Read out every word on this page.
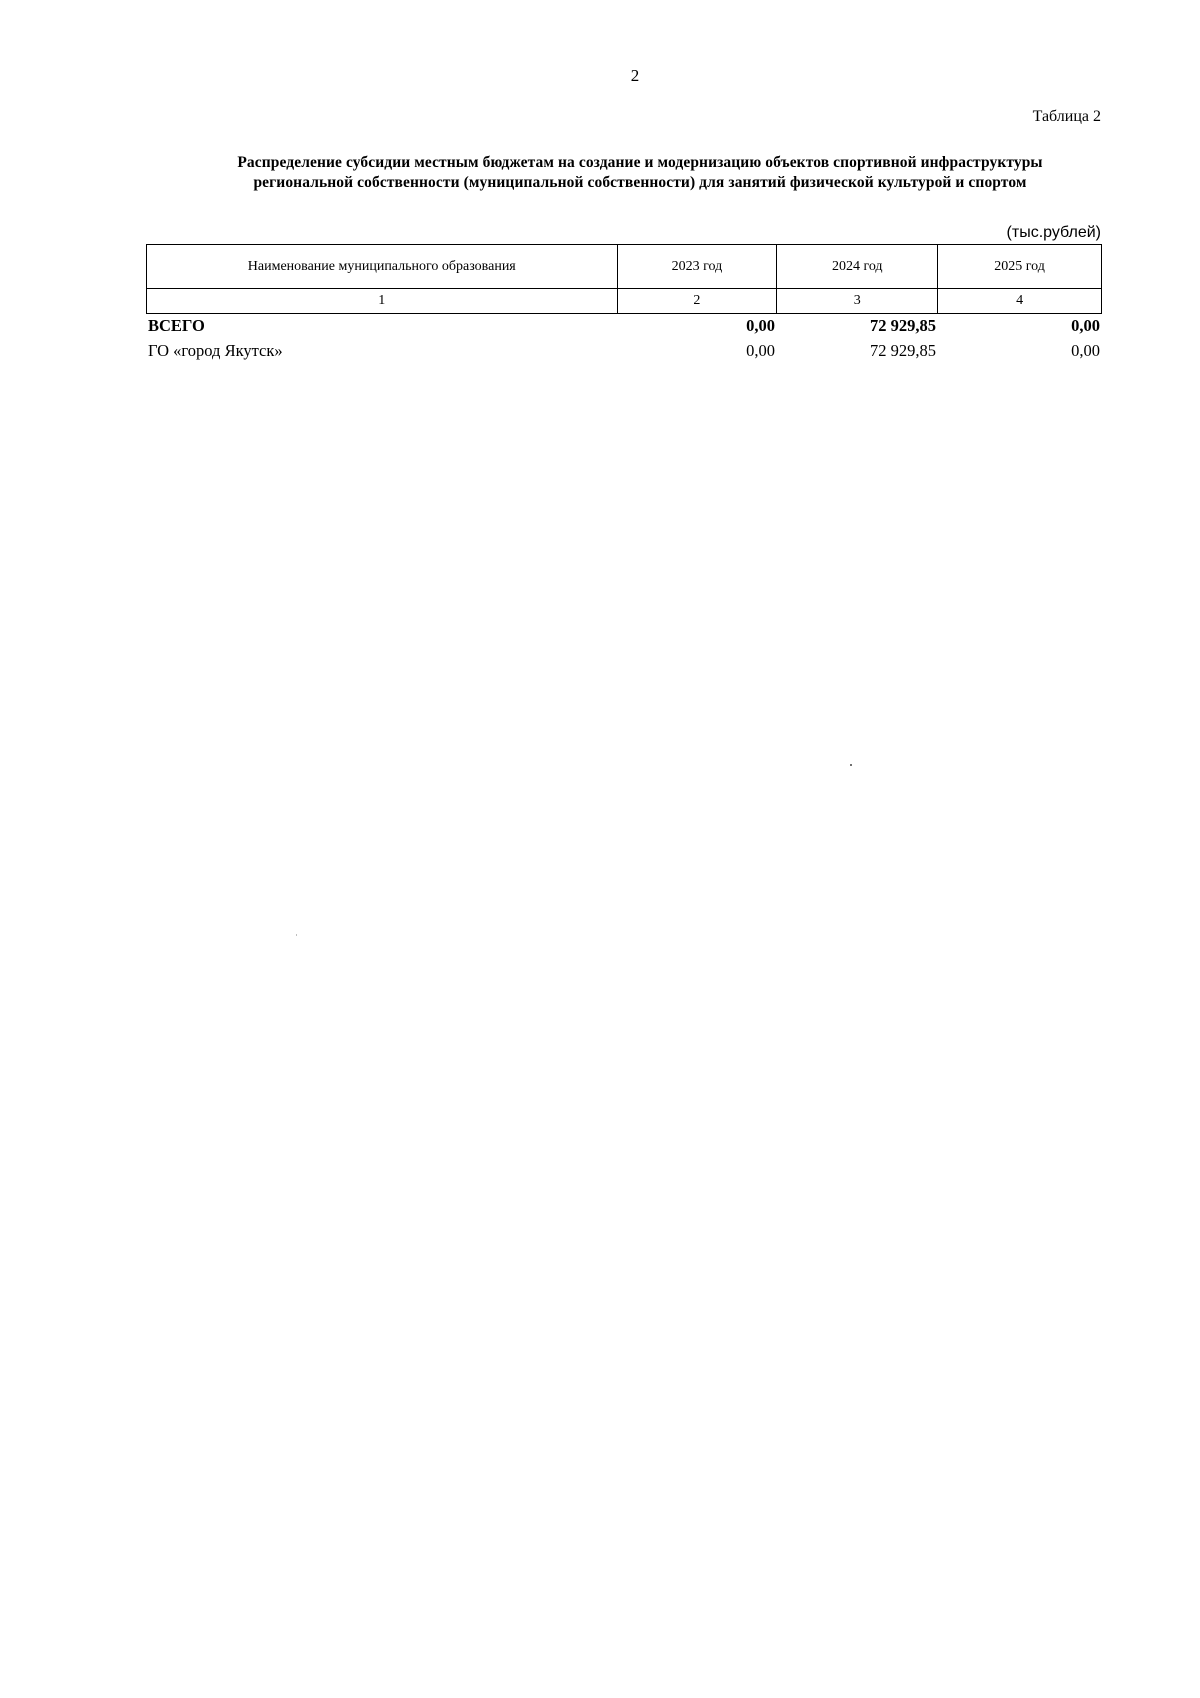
2
Таблица 2
Распределение субсидии местным бюджетам на создание и модернизацию объектов спортивной инфраструктуры
региональной собственности (муниципальной собственности) для занятий физической культурой и спортом
(тыс.рублей)
Наименование муниципального образования	2023 год	2024 год	2025 год
1	2	3	4
ВСЕГО	0,00	72 929,85	0,00
ГО «город Якутск»	0,00	72 929,85	0,00
